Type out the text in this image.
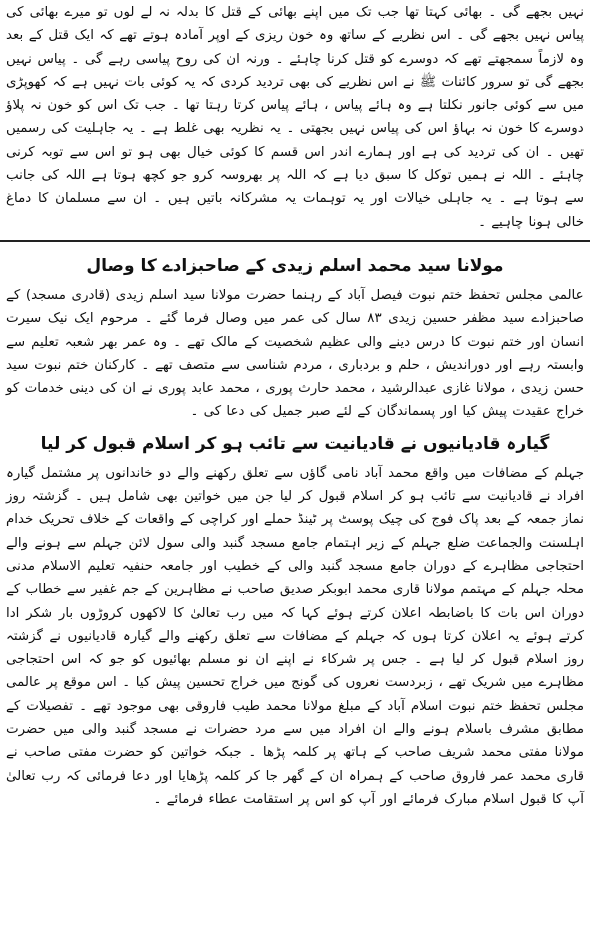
نہیں بجھے گی ۔ بھائی کہتا تھا جب تک میں اپنے بھائی کے قتل کا بدلہ نہ لے لوں تو میرے بھائی کی پیاس نہیں بجھے گی ۔ اس نظریے کے ساتھ وہ خون ریزی کے اوپر آمادہ ہوتے تھے کہ ایک قتل کے بعد وہ لازماً سمجھتے تھے کہ دوسرے کو قتل کرنا چاہئے ۔ ورنہ ان کی روح پیاسی رہے گی ۔ پیاس نہیں بجھے گی تو سرور کائنات ﷺ نے اس نظریے کی بھی تردید کردی کہ یہ کوئی بات نہیں ہے کہ کھوپڑی میں سے کوئی جانور نکلتا ہے وہ ہائے پیاس ، ہائے پیاس کرتا رہتا تھا ۔ جب تک اس کو خون نہ پلاؤ دوسرے کا خون نہ بہاؤ اس کی پیاس نہیں بجھتی ۔ یہ نظریہ بھی غلط ہے ۔ یہ جاہلیت کی رسمیں تھیں ۔ ان کی تردید کی ہے اور ہمارے اندر اس قسم کا کوئی خیال بھی ہو تو اس سے توبہ کرنی چاہئے ۔ اللہ نے ہمیں توکل کا سبق دیا ہے کہ اللہ پر بھروسہ کرو جو کچھ ہوتا ہے اللہ کی جانب سے ہوتا ہے ۔ یہ جاہلی خیالات اور یہ توہمات یہ مشرکانہ باتیں ہیں ۔ ان سے مسلمان کا دماغ خالی ہونا چاہیے ۔
مولانا سید محمد اسلم زیدی کے صاحبزادے کا وصال
عالمی مجلس تحفظ ختم نبوت فیصل آباد کے رہنما حضرت مولانا سید اسلم زیدی (قادری مسجد) کے صاحبزادے سید مظفر حسین زیدی ۸۳ سال کی عمر میں وصال فرما گئے ۔ مرحوم ایک نیک سیرت انسان اور ختم نبوت کا درس دینے والی عظیم شخصیت کے مالک تھے ۔ وہ عمر بھر شعبہ تعلیم سے وابستہ رہے اور دوراندیش ، حلم و بردباری ، مردم شناسی سے متصف تھے ۔ کارکنان ختم نبوت سید حسن زیدی ، مولانا غازی عبدالرشید ، محمد حارث پوری ، محمد عابد پوری نے ان کی دینی خدمات کو خراج عقیدت پیش کیا اور پسماندگان کے لئے صبر جمیل کی دعا کی ۔
گیارہ قادیانیوں نے قادیانیت سے تائب ہو کر اسلام قبول کر لیا
جہلم کے مضافات میں واقع محمد آباد نامی گاؤں سے تعلق رکھنے والے دو خاندانوں پر مشتمل گیارہ افراد نے قادیانیت سے تائب ہو کر اسلام قبول کر لیا جن میں خواتین بھی شامل ہیں ۔ گزشتہ روز نماز جمعہ کے بعد پاک فوج کی چیک پوسٹ پر ٹینڈ حملے اور کراچی کے واقعات کے خلاف تحریک خدام اہلسنت والجماعت ضلع جہلم کے زیر اہتمام جامع مسجد گنبد والی سول لائن جہلم سے ہونے والے احتجاجی مظاہرے کے دوران جامع مسجد گنبد والی کے خطیب اور جامعہ حنفیہ تعلیم الاسلام مدنی محلہ جہلم کے مہتمم مولانا قاری محمد ابوبکر صدیق صاحب نے مظاہرین کے جم غفیر سے خطاب کے دوران اس بات کا باضابطہ اعلان کرتے ہوئے کہا کہ میں رب تعالیٰ کا لاکھوں کروڑوں بار شکر ادا کرتے ہوئے یہ اعلان کرتا ہوں کہ جہلم کے مضافات سے تعلق رکھنے والے گیارہ قادیانیوں نے گزشتہ روز اسلام قبول کر لیا ہے ۔ جس پر شرکاء نے اپنے ان نو مسلم بھائیوں کو جو کہ اس احتجاجی مظاہرے میں شریک تھے ، زبردست نعروں کی گونج میں خراج تحسین پیش کیا ۔ اس موقع پر عالمی مجلس تحفظ ختم نبوت اسلام آباد کے مبلغ مولانا محمد طیب فاروقی بھی موجود تھے ۔ تفصیلات کے مطابق مشرف باسلام ہونے والے ان افراد میں سے مرد حضرات نے مسجد گنبد والی میں حضرت مولانا مفتی محمد شریف صاحب کے ہاتھ پر کلمہ پڑھا ۔ جبکہ خواتین کو حضرت مفتی صاحب نے قاری محمد عمر فاروق صاحب کے ہمراہ ان کے گھر جا کر کلمہ پڑھایا اور دعا فرمائی کہ رب تعالیٰ آپ کا قبول اسلام مبارک فرمائے اور آپ کو اس پر استقامت عطاء فرمائے ۔
